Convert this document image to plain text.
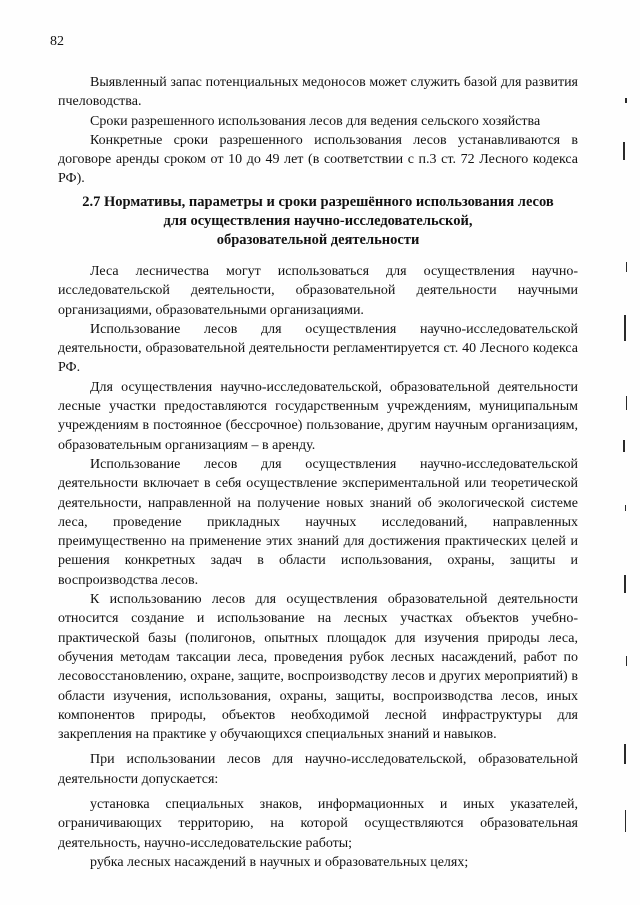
82

Выявленный запас потенциальных медоносов может служить базой для развития пчеловодства.

Сроки разрешенного использования лесов для ведения сельского хозяйства

Конкретные сроки разрешенного использования лесов устанавливаются в договоре аренды сроком от 10 до 49 лет (в соответствии с п.3 ст. 72 Лесного кодекса РФ).

2.7 Нормативы, параметры и сроки разрешённого использования лесов
для осуществления научно-исследовательской,
образовательной деятельности

Леса лесничества могут использоваться для осуществления научно-исследовательской деятельности, образовательной деятельности научными организациями, образовательными организациями.

Использование лесов для осуществления научно-исследовательской деятельности, образовательной деятельности регламентируется ст. 40 Лесного кодекса РФ.

Для осуществления научно-исследовательской, образовательной деятельности лесные участки предоставляются государственным учреждениям, муниципальным учреждениям в постоянное (бессрочное) пользование, другим научным организациям, образовательным организациям – в аренду.

Использование лесов для осуществления научно-исследовательской деятельности включает в себя осуществление экспериментальной или теоретической деятельности, направленной на получение новых знаний об экологической системе леса, проведение прикладных научных исследований, направленных преимущественно на применение этих знаний для достижения практических целей и решения конкретных задач в области использования, охраны, защиты и воспроизводства лесов.

К использованию лесов для осуществления образовательной деятельности относится создание и использование на лесных участках объектов учебно-практической базы (полигонов, опытных площадок для изучения природы леса, обучения методам таксации леса, проведения рубок лесных насаждений, работ по лесовосстановлению, охране, защите, воспроизводству лесов и других мероприятий) в области изучения, использования, охраны, защиты, воспроизводства лесов, иных компонентов природы, объектов необходимой лесной инфраструктуры для закрепления на практике у обучающихся специальных знаний и навыков.

При использовании лесов для научно-исследовательской, образовательной деятельности допускается:

установка специальных знаков, информационных и иных указателей, ограничивающих территорию, на которой осуществляются образовательная деятельность, научно-исследовательские работы;

рубка лесных насаждений в научных и образовательных целях;
